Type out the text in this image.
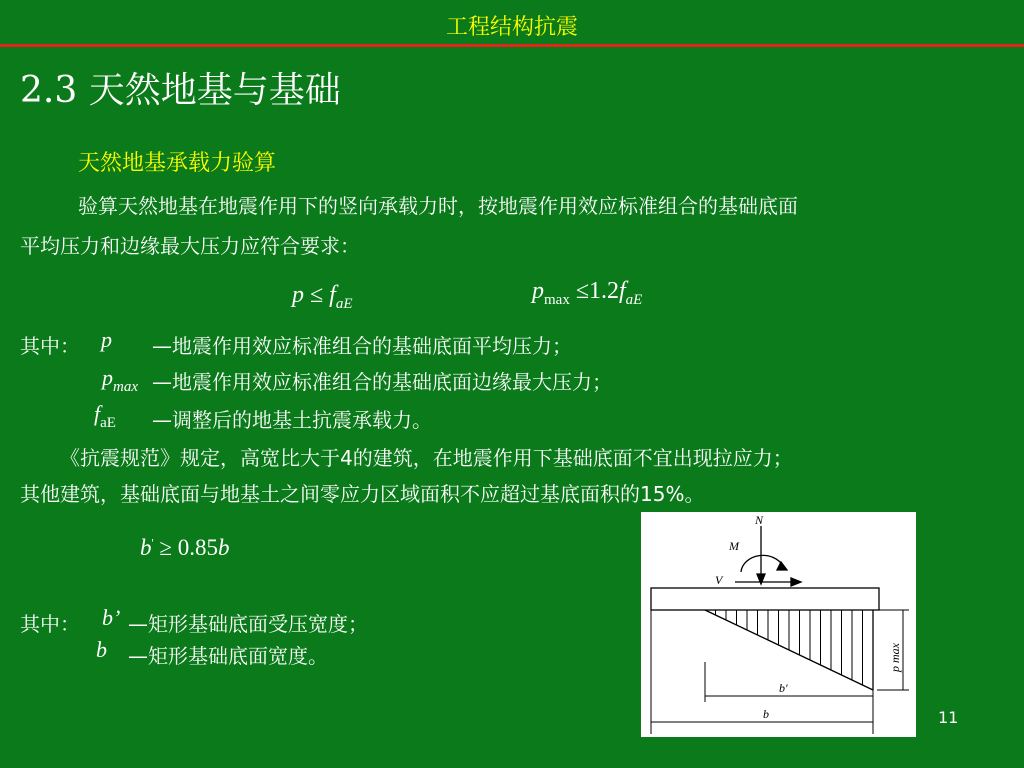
工程结构抗震
2.3 天然地基与基础
天然地基承载力验算
验算天然地基在地震作用下的竖向承载力时，按地震作用效应标准组合的基础底面
平均压力和边缘最大压力应符合要求：
$p \le f_{aE}$	$p_{max} \le 1.2f_{aE}$
其中： p —地震作用效应标准组合的基础底面平均压力；
$p_{max}$ —地震作用效应标准组合的基础底面边缘最大压力；
$f_{aE}$ —调整后的地基土抗震承载力。
《抗震规范》规定，高宽比大于4的建筑，在地震作用下基础底面不宜出现拉应力；
其他建筑，基础底面与地基土之间零应力区域面积不应超过基底面积的15%。
b' ≥ 0.85b
其中： b’ —矩形基础底面受压宽度；
b —矩形基础底面宽度。
N
M
V
b′
b
p max
11
